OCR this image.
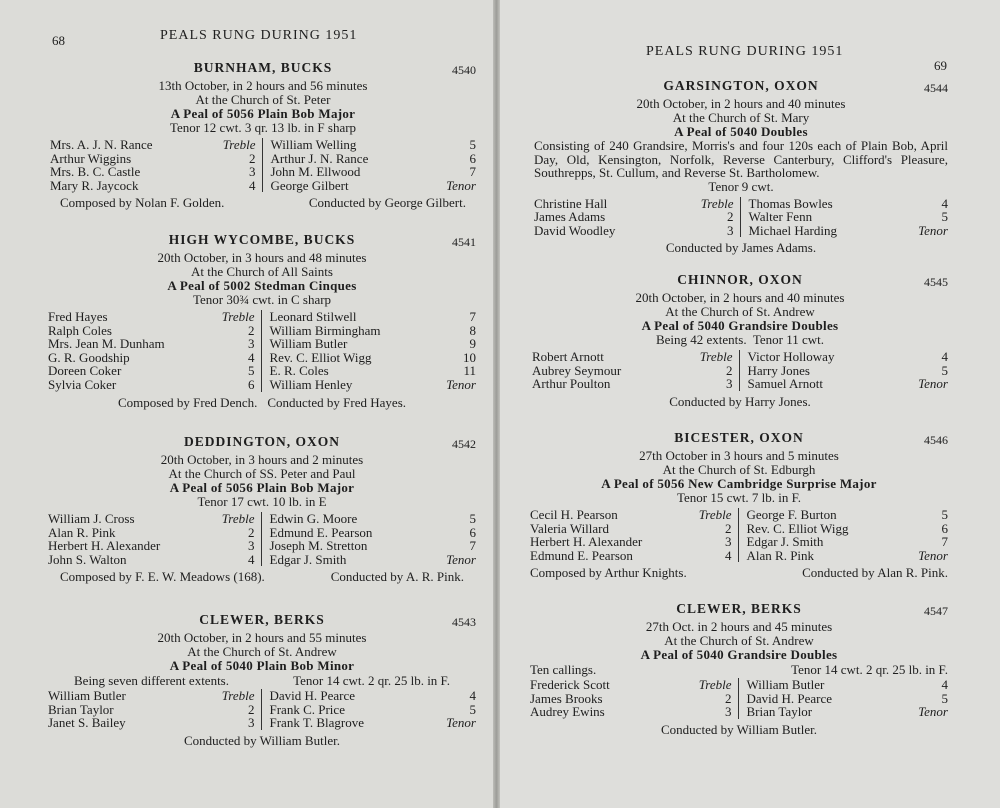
68	PEALS RUNG DURING 1951
BURNHAM, BUCKS	4540
13th October, in 2 hours and 56 minutes
At the Church of St. Peter
A Peal of 5056 Plain Bob Major
Tenor 12 cwt. 3 qr. 13 lb. in F sharp
Mrs. A. J. N. Rance	Treble
Arthur Wiggins	2
Mrs. B. C. Castle	3
Mary R. Jaycock	4
William Welling	5
Arthur J. N. Rance	6
John M. Ellwood	7
George Gilbert	Tenor
Composed by Nolan F. Golden.	Conducted by George Gilbert.
HIGH WYCOMBE, BUCKS	4541
20th October, in 3 hours and 48 minutes
At the Church of All Saints
A Peal of 5002 Stedman Cinques
Tenor 30¾ cwt. in C sharp
Fred Hayes	Treble
Ralph Coles	2
Mrs. Jean M. Dunham	3
G. R. Goodship	4
Doreen Coker	5
Sylvia Coker	6
Leonard Stilwell	7
William Birmingham	8
William Butler	9
Rev. C. Elliot Wigg	10
E. R. Coles	11
William Henley	Tenor
Composed by Fred Dench. Conducted by Fred Hayes.
DEDDINGTON, OXON	4542
20th October, in 3 hours and 2 minutes
At the Church of SS. Peter and Paul
A Peal of 5056 Plain Bob Major
Tenor 17 cwt. 10 lb. in E
William J. Cross	Treble
Alan R. Pink	2
Herbert H. Alexander	3
John S. Walton	4
Edwin G. Moore	5
Edmund E. Pearson	6
Joseph M. Stretton	7
Edgar J. Smith	Tenor
Composed by F. E. W. Meadows (168).	Conducted by A. R. Pink.
CLEWER, BERKS	4543
20th October, in 2 hours and 55 minutes
At the Church of St. Andrew
A Peal of 5040 Plain Bob Minor
Being seven different extents.	Tenor 14 cwt. 2 qr. 25 lb. in F.
William Butler	Treble
Brian Taylor	2
Janet S. Bailey	3
David H. Pearce	4
Frank C. Price	5
Frank T. Blagrove	Tenor
Conducted by William Butler.
PEALS RUNG DURING 1951
69
GARSINGTON, OXON	4544
20th October, in 2 hours and 40 minutes
At the Church of St. Mary
A Peal of 5040 Doubles
Consisting of 240 Grandsire, Morris's and four 120s each of Plain Bob, April Day, Old, Kensington, Norfolk, Reverse Canterbury, Clifford's Pleasure, Southrepps, St. Cullum, and Reverse St. Bartholomew.
Tenor 9 cwt.
Christine Hall	Treble
James Adams	2
David Woodley	3
Thomas Bowles	4
Walter Fenn	5
Michael Harding	Tenor
Conducted by James Adams.
CHINNOR, OXON	4545
20th October, in 2 hours and 40 minutes
At the Church of St. Andrew
A Peal of 5040 Grandsire Doubles
Being 42 extents.  Tenor 11 cwt.
Robert Arnott	Treble
Aubrey Seymour	2
Arthur Poulton	3
Victor Holloway	4
Harry Jones	5
Samuel Arnott	Tenor
Conducted by Harry Jones.
BICESTER, OXON	4546
27th October in 3 hours and 5 minutes
At the Church of St. Edburgh
A Peal of 5056 New Cambridge Surprise Major
Tenor 15 cwt. 7 lb. in F.
Cecil H. Pearson	Treble
Valeria Willard	2
Herbert H. Alexander	3
Edmund E. Pearson	4
George F. Burton	5
Rev. C. Elliot Wigg	6
Edgar J. Smith	7
Alan R. Pink	Tenor
Composed by Arthur Knights.	Conducted by Alan R. Pink.
CLEWER, BERKS	4547
27th Oct. in 2 hours and 45 minutes
At the Church of St. Andrew
A Peal of 5040 Grandsire Doubles
Ten callings.	Tenor 14 cwt. 2 qr. 25 lb. in F.
Frederick Scott	Treble
James Brooks	2
Audrey Ewins	3
William Butler	4
David H. Pearce	5
Brian Taylor	Tenor
Conducted by William Butler.
